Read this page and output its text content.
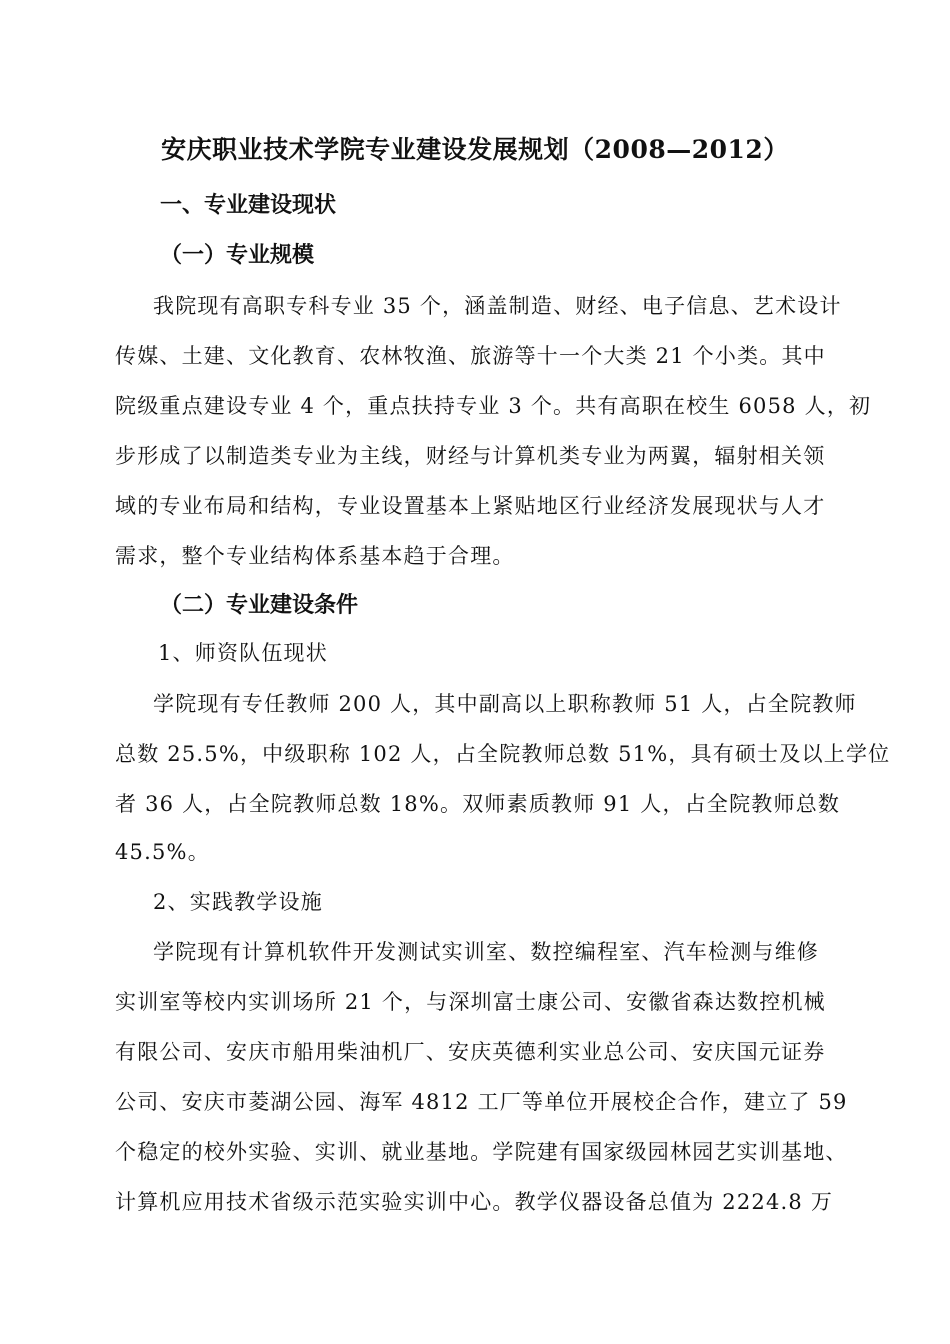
安庆职业技术学院专业建设发展规划（2008—2012）
一、专业建设现状
（一）专业规模
我院现有高职专科专业 35 个，涵盖制造、财经、电子信息、艺术设计
传媒、土建、文化教育、农林牧渔、旅游等十一个大类 21 个小类。其中
院级重点建设专业 4 个，重点扶持专业 3 个。共有高职在校生 6058 人，初
步形成了以制造类专业为主线，财经与计算机类专业为两翼，辐射相关领
域的专业布局和结构，专业设置基本上紧贴地区行业经济发展现状与人才
需求，整个专业结构体系基本趋于合理。
（二）专业建设条件
1、师资队伍现状
学院现有专任教师 200 人，其中副高以上职称教师 51 人，占全院教师
总数 25.5%，中级职称 102 人，占全院教师总数 51%，具有硕士及以上学位
者 36 人，占全院教师总数 18%。双师素质教师 91 人，占全院教师总数
45.5%。
2、实践教学设施
学院现有计算机软件开发测试实训室、数控编程室、汽车检测与维修
实训室等校内实训场所 21 个，与深圳富士康公司、安徽省森达数控机械
有限公司、安庆市船用柴油机厂、安庆英德利实业总公司、安庆国元证券
公司、安庆市菱湖公园、海军 4812 工厂等单位开展校企合作，建立了 59
个稳定的校外实验、实训、就业基地。学院建有国家级园林园艺实训基地、
计算机应用技术省级示范实验实训中心。教学仪器设备总值为 2224.8 万
